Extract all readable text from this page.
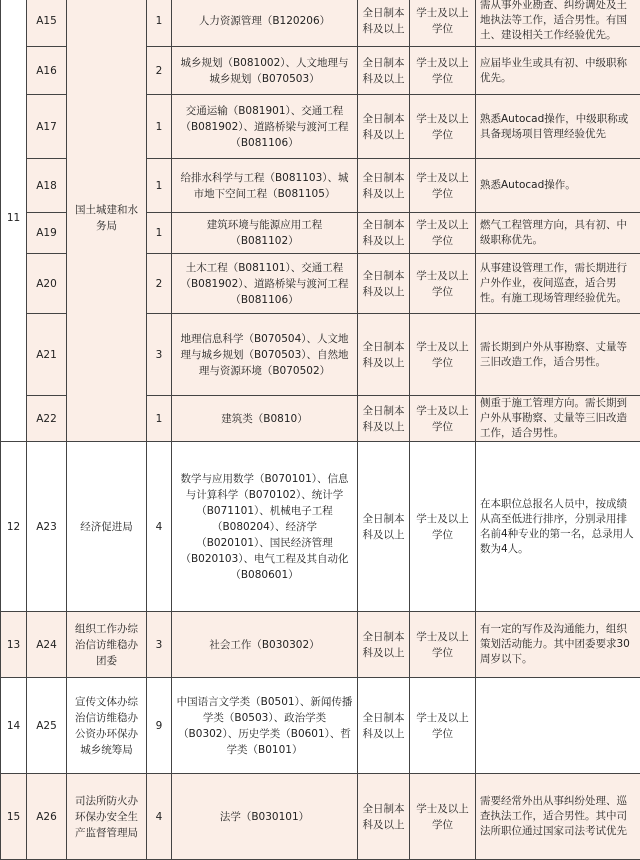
11	A15	国土城建和水务局	1	人力资源管理（B120206）	全日制本科及以上	学士及以上学位	需从事外业勘查、纠纷调处及土地执法等工作，适合男性。有国土、建设相关工作经验优先。
	A16		2	城乡规划（B081002）、人文地理与城乡规划（B070503）	全日制本科及以上	学士及以上学位	应届毕业生或具有初、中级职称优先。
	A17		1	交通运输（B081901）、交通工程（B081902）、道路桥梁与渡河工程（B081106）	全日制本科及以上	学士及以上学位	熟悉Autocad操作，中级职称或具备现场项目管理经验优先
	A18		1	给排水科学与工程（B081103）、城市地下空间工程（B081105）	全日制本科及以上	学士及以上学位	熟悉Autocad操作。
	A19		1	建筑环境与能源应用工程（B081102）	全日制本科及以上	学士及以上学位	燃气工程管理方向，具有初、中级职称优先。
	A20		2	土木工程（B081101）、交通工程（B081902）、道路桥梁与渡河工程（B081106）	全日制本科及以上	学士及以上学位	从事建设管理工作，需长期进行户外作业，夜间巡查，适合男性。有施工现场管理经验优先。
	A21		3	地理信息科学（B070504）、人文地理与城乡规划（B070503）、自然地理与资源环境（B070502）	全日制本科及以上	学士及以上学位	需长期到户外从事勘察、丈量等三旧改造工作，适合男性。
	A22		1	建筑类（B0810）	全日制本科及以上	学士及以上学位	侧重于施工管理方向。需长期到户外从事勘察、丈量等三旧改造工作，适合男性。
12	A23	经济促进局	4	数学与应用数学（B070101）、信息与计算科学（B070102）、统计学（B071101）、机械电子工程（B080204）、经济学（B020101）、国民经济管理（B020103）、电气工程及其自动化（B080601）	全日制本科及以上	学士及以上学位	在本职位总报名人员中，按成绩从高至低进行排序，分别录用排名前4种专业的第一名，总录用人数为4人。
13	A24	组织工作办综治信访维稳办团委	3	社会工作（B030302）	全日制本科及以上	学士及以上学位	有一定的写作及沟通能力，组织策划活动能力。其中团委要求30周岁以下。
14	A25	宣传文体办综治信访维稳办公资办环保办城乡统筹局	9	中国语言文学类（B0501）、新闻传播学类（B0503）、政治学类（B0302）、历史学类（B0601）、哲学类（B0101）	全日制本科及以上	学士及以上学位	
15	A26	司法所防火办环保办安全生产监督管理局	4	法学（B030101）	全日制本科及以上	学士及以上学位	需要经常外出从事纠纷处理、巡查执法工作，适合男性。其中司法所职位通过国家司法考试优先
